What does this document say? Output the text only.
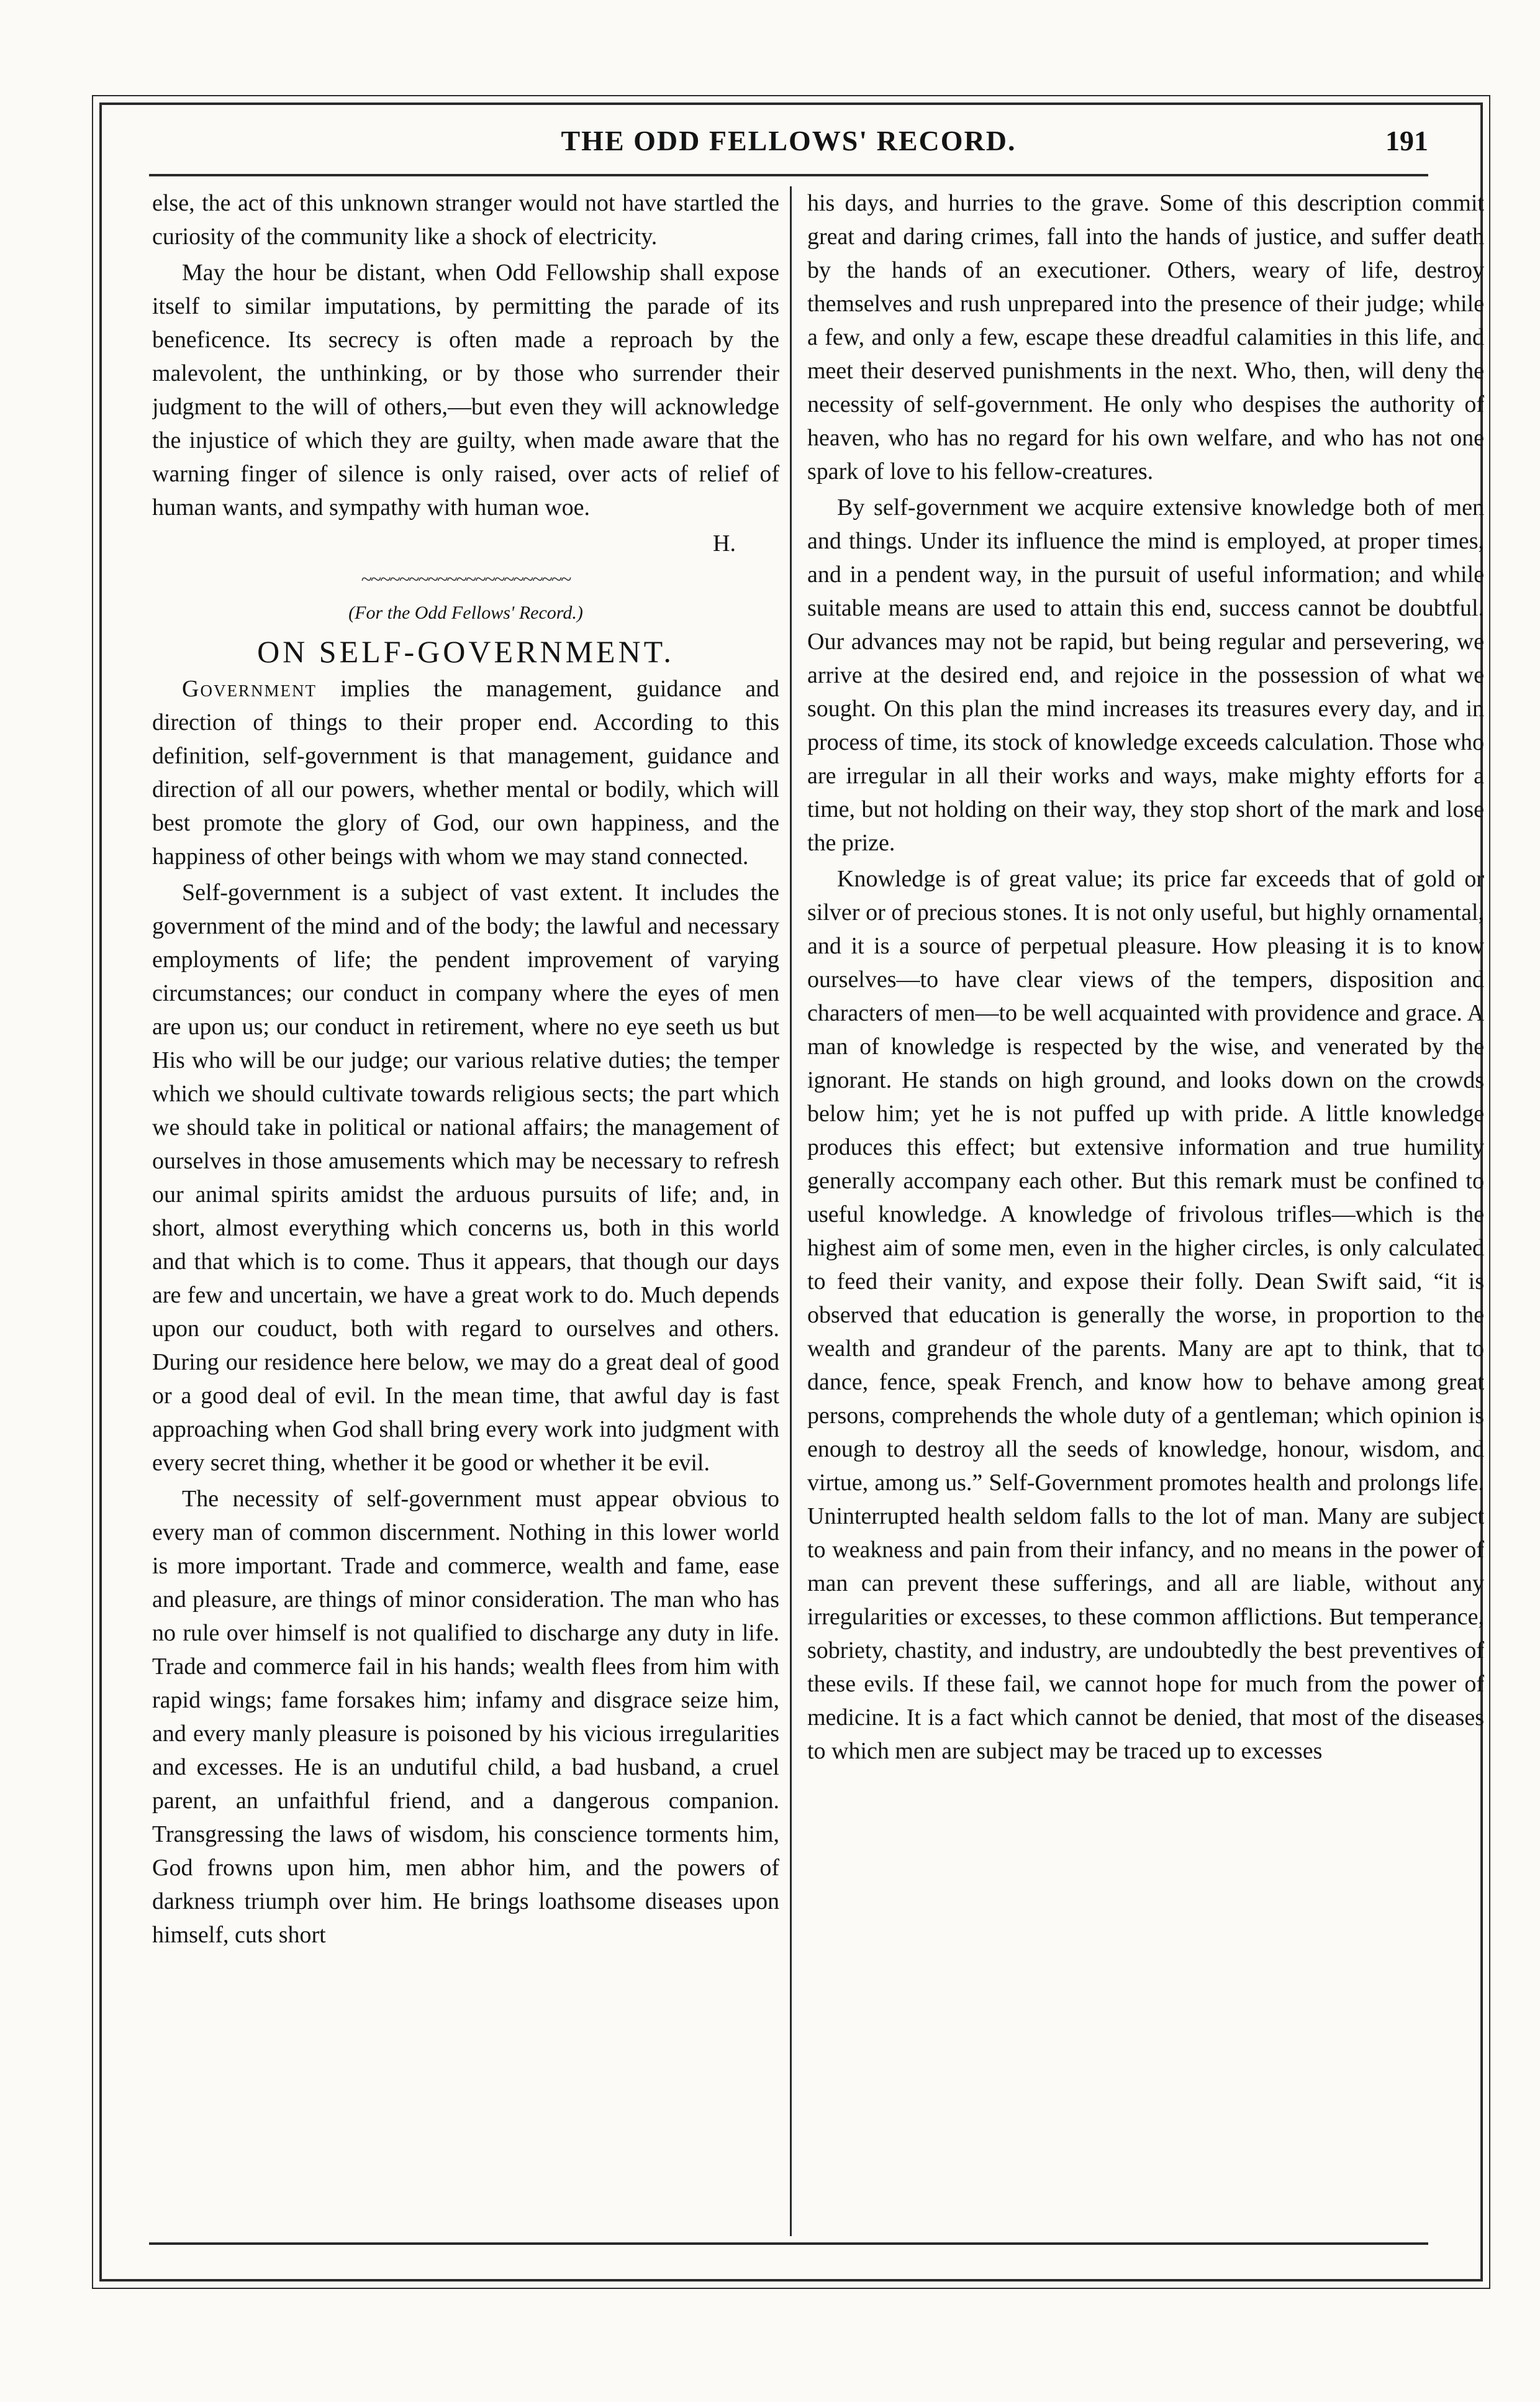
THE ODD FELLOWS' RECORD.	191

else, the act of this unknown stranger would not have startled the curiosity of the community like a shock of electricity.

May the hour be distant, when Odd Fellowship shall expose itself to similar imputations, by permitting the parade of its beneficence. Its secrecy is often made a reproach by the malevolent, the unthinking, or by those who surrender their judgment to the will of others,—but even they will acknowledge the injustice of which they are guilty, when made aware that the warning finger of silence is only raised, over acts of relief of human wants, and sympathy with human woe.

H.
~~~~~~~~~~~~~~~~~~~~~~
(For the Odd Fellows' Record.)
ON SELF-GOVERNMENT.

Government implies the management, guidance and direction of things to their proper end. According to this definition, self-government is that management, guidance and direction of all our powers, whether mental or bodily, which will best promote the glory of God, our own happiness, and the happiness of other beings with whom we may stand connected.

Self-government is a subject of vast extent. It includes the government of the mind and of the body; the lawful and necessary employments of life; the pendent improvement of varying circumstances; our conduct in company where the eyes of men are upon us; our conduct in retirement, where no eye seeth us but His who will be our judge; our various relative duties; the temper which we should cultivate towards religious sects; the part which we should take in political or national affairs; the management of ourselves in those amusements which may be necessary to refresh our animal spirits amidst the arduous pursuits of life; and, in short, almost everything which concerns us, both in this world and that which is to come. Thus it appears, that though our days are few and uncertain, we have a great work to do. Much depends upon our couduct, both with regard to ourselves and others. During our residence here below, we may do a great deal of good or a good deal of evil. In the mean time, that awful day is fast approaching when God shall bring every work into judgment with every secret thing, whether it be good or whether it be evil.

The necessity of self-government must appear obvious to every man of common discernment. Nothing in this lower world is more important. Trade and commerce, wealth and fame, ease and pleasure, are things of minor consideration. The man who has no rule over himself is not qualified to discharge any duty in life. Trade and commerce fail in his hands; wealth flees from him with rapid wings; fame forsakes him; infamy and disgrace seize him, and every manly pleasure is poisoned by his vicious irregularities and excesses. He is an undutiful child, a bad husband, a cruel parent, an unfaithful friend, and a dangerous companion. Transgressing the laws of wisdom, his conscience torments him, God frowns upon him, men abhor him, and the powers of darkness triumph over him. He brings loathsome diseases upon himself, cuts short

his days, and hurries to the grave. Some of this description commit great and daring crimes, fall into the hands of justice, and suffer death by the hands of an executioner. Others, weary of life, destroy themselves and rush unprepared into the presence of their judge; while a few, and only a few, escape these dreadful calamities in this life, and meet their deserved punishments in the next. Who, then, will deny the necessity of self-government. He only who despises the authority of heaven, who has no regard for his own welfare, and who has not one spark of love to his fellow-creatures.

By self-government we acquire extensive knowledge both of men and things. Under its influence the mind is employed, at proper times, and in a pendent way, in the pursuit of useful information; and while suitable means are used to attain this end, success cannot be doubtful. Our advances may not be rapid, but being regular and persevering, we arrive at the desired end, and rejoice in the possession of what we sought. On this plan the mind increases its treasures every day, and in process of time, its stock of knowledge exceeds calculation. Those who are irregular in all their works and ways, make mighty efforts for a time, but not holding on their way, they stop short of the mark and lose the prize.

Knowledge is of great value; its price far exceeds that of gold or silver or of precious stones. It is not only useful, but highly ornamental, and it is a source of perpetual pleasure. How pleasing it is to know ourselves—to have clear views of the tempers, disposition and characters of men—to be well acquainted with providence and grace. A man of knowledge is respected by the wise, and venerated by the ignorant. He stands on high ground, and looks down on the crowds below him; yet he is not puffed up with pride. A little knowledge produces this effect; but extensive information and true humility generally accompany each other. But this remark must be confined to useful knowledge. A knowledge of frivolous trifles—which is the highest aim of some men, even in the higher circles, is only calculated to feed their vanity, and expose their folly. Dean Swift said, “it is observed that education is generally the worse, in proportion to the wealth and grandeur of the parents. Many are apt to think, that to dance, fence, speak French, and know how to behave among great persons, comprehends the whole duty of a gentleman; which opinion is enough to destroy all the seeds of knowledge, honour, wisdom, and virtue, among us.” Self-Government promotes health and prolongs life. Uninterrupted health seldom falls to the lot of man. Many are subject to weakness and pain from their infancy, and no means in the power of man can prevent these sufferings, and all are liable, without any irregularities or excesses, to these common afflictions. But temperance, sobriety, chastity, and industry, are undoubtedly the best preventives of these evils. If these fail, we cannot hope for much from the power of medicine. It is a fact which cannot be denied, that most of the diseases to which men are subject may be traced up to excesses
